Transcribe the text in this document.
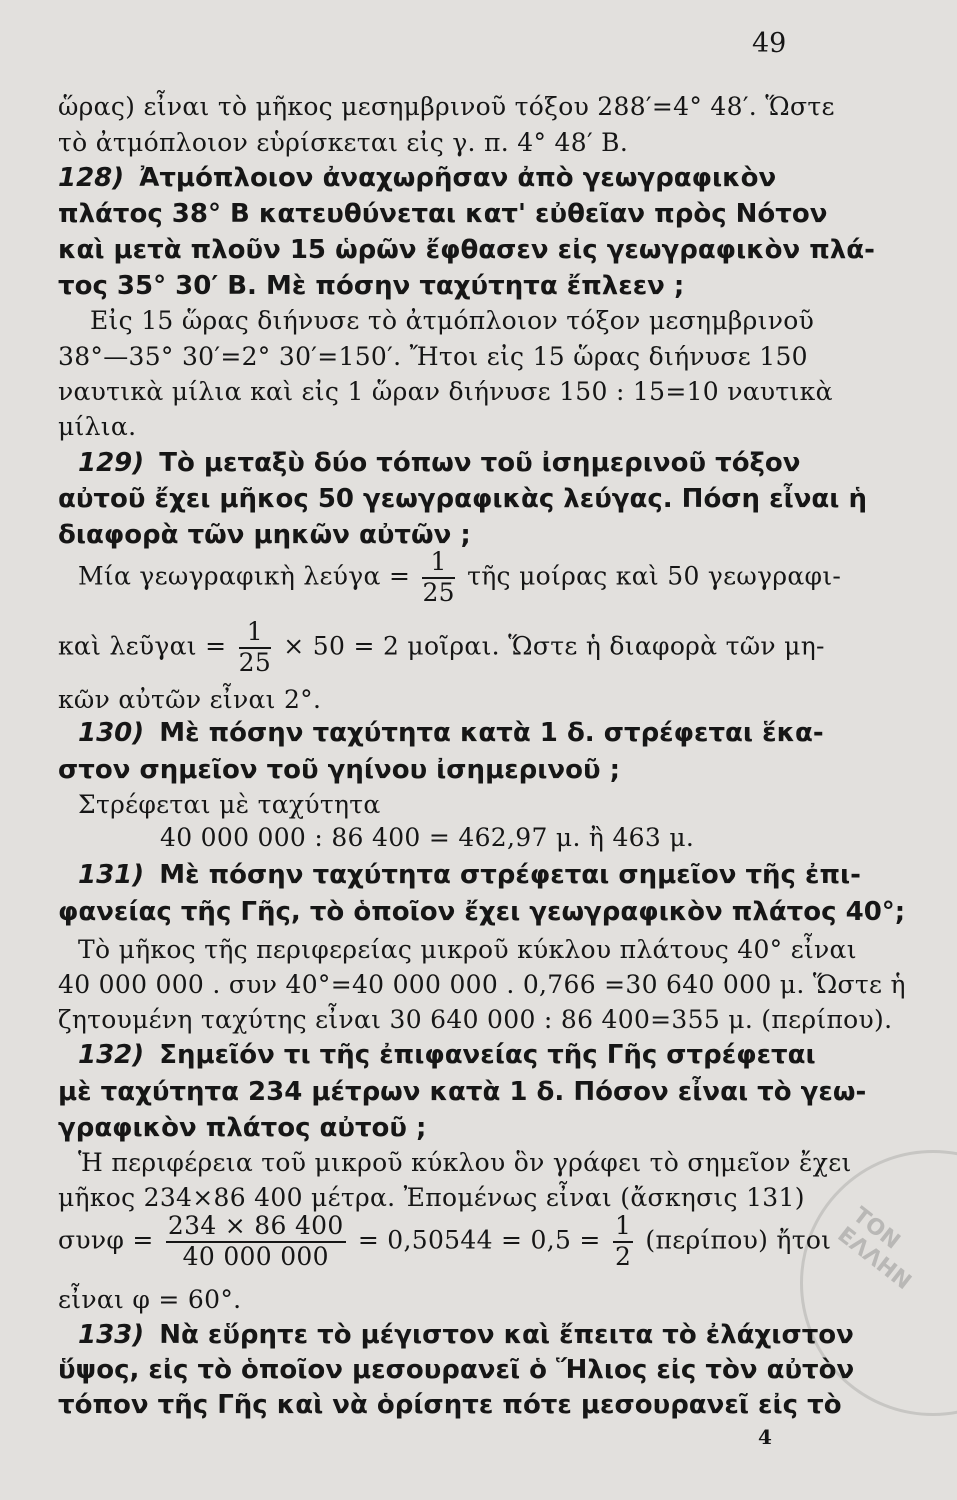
ΤΟΝ ΕΛΛΗΝ
49
ὥρας) εἶναι τὸ μῆκος μεσημβρινοῦ τόξου 288′=4° 48′. Ὥστε
τὸ ἀτμόπλοιον εὑρίσκεται εἰς γ. π. 4° 48′ Β.
128) Ἀτμόπλοιον ἀναχωρῆσαν ἀπὸ γεωγραφικὸν
πλάτος 38° Β κατευθύνεται κατ' εὐθεῖαν πρὸς Νότον
καὶ μετὰ πλοῦν 15 ὡρῶν ἔφθασεν εἰς γεωγραφικὸν πλά-
τος 35° 30′ Β. Μὲ πόσην ταχύτητα ἔπλεεν ;
Εἰς 15 ὥρας διήνυσε τὸ ἀτμόπλοιον τόξον μεσημβρινοῦ
38°—35° 30′=2° 30′=150′. Ἤτοι εἰς 15 ὥρας διήνυσε 150
ναυτικὰ μίλια καὶ εἰς 1 ὥραν διήνυσε 150 : 15=10 ναυτικὰ
μίλια.
129) Τὸ μεταξὺ δύο τόπων τοῦ ἰσημερινοῦ τόξον
αὐτοῦ ἔχει μῆκος 50 γεωγραφικὰς λεύγας. Πόση εἶναι ἡ
διαφορὰ τῶν μηκῶν αὐτῶν ;
Μία γεωγραφικὴ $\lambda\varepsilon ύ\gamma\alpha = \frac{1}{25}$ τῆς μοίρας καὶ 50 γεωγραφι-
καὶ λεῦγαι = $\frac{1}{25} \times 50 = 2$ μοῖραι. Ὥστε ἡ διαφορὰ τῶν μη-
κῶν αὐτῶν εἶναι 2°.
130) Μὲ πόσην ταχύτητα κατὰ 1 δ. στρέφεται ἕκα-
στον σημεῖον τοῦ γηίνου ἰσημερινοῦ ;
Στρέφεται μὲ ταχύτητα
40 000 000 : 86 400 = 462,97 μ. ἢ 463 μ.
131) Μὲ πόσην ταχύτητα στρέφεται σημεῖον τῆς ἐπι-
φανείας τῆς Γῆς, τὸ ὁποῖον ἔχει γεωγραφικὸν πλάτος 40°;
Τὸ μῆκος τῆς περιφερείας μικροῦ κύκλου πλάτους 40° εἶναι
40 000 000 . συν 40°=40 000 000 . 0,766 =30 640 000 μ. Ὥστε ἡ
ζητουμένη ταχύτης εἶναι 30 640 000 : 86 400=355 μ. (περίπου).
132) Σημεῖόν τι τῆς ἐπιφανείας τῆς Γῆς στρέφεται
μὲ ταχύτητα 234 μέτρων κατὰ 1 δ. Πόσον εἶναι τὸ γεω-
γραφικὸν πλάτος αὐτοῦ ;
Ἡ περιφέρεια τοῦ μικροῦ κύκλου ὃν γράφει τὸ σημεῖον ἔχει
μῆκος 234×86 400 μέτρα. Ἐπομένως εἶναι (ἄσκησις 131)
$\sigma\upsilon\nu\varphi = \frac{234 \times 86 400}{40 000 000} = 0,50544 = 0,5 = \frac{1}{2} (\pi\varepsilon\rho ί\pi o\upsilon)$ ἤτοι
εἶναι φ = 60°.
133) Νὰ εὕρητε τὸ μέγιστον καὶ ἔπειτα τὸ ἐλάχιστον
ὕψος, εἰς τὸ ὁποῖον μεσουρανεῖ ὁ Ἥλιος εἰς τὸν αὐτὸν
τόπον τῆς Γῆς καὶ νὰ ὁρίσητε πότε μεσουρανεῖ εἰς τὸ
4
